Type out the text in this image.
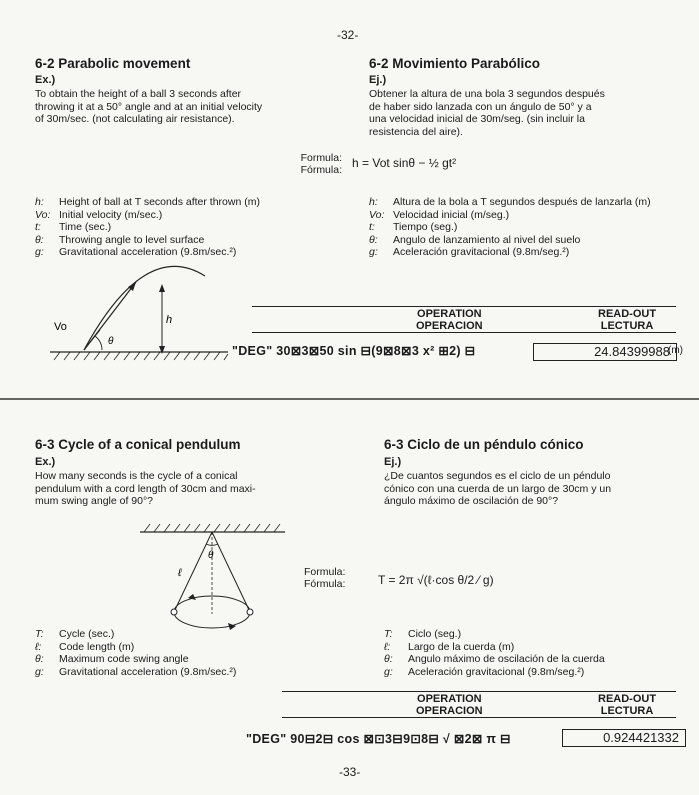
-32-
6-2 Parabolic movement
Ex.)
To obtain the height of a ball 3 seconds after
throwing it at a 50° angle and at an initial velocity
of 30m/sec. (not calculating air resistance).
6-2 Movimiento Parabólico
Ej.)
Obtener la altura de una bola 3 segundos después
de haber sido lanzada con un ángulo de 50° y a
una velocidad inicial de 30m/seg. (sin incluir la
resistencia del aire).
Formula:
Fórmula: h = Vot sinθ − ½ gt²
h: Height of ball at T seconds after thrown (m)
Vo: Initial velocity (m/sec.)
t: Time (sec.)
θ: Throwing angle to level surface
g: Gravitational acceleration (9.8m/sec.²)
h: Altura de la bola a T segundos después de lanzarla (m)
Vo: Velocidad inicial (m/seg.)
t: Tiempo (seg.)
θ: Angulo de lanzamiento al nivel del suelo
g: Aceleración gravitacional (9.8m/seg.²)
Vo
θ
h	OPERATION
OPERACION
READ-OUT
LECTURA
"DEG" 30⊠3⊠50 sin ⊟(9⊠8⊠3 x² ⊞2) ⊟	24.84399988
(m)
6-3 Cycle of a conical pendulum
Ex.)
How many seconds is the cycle of a conical
pendulum with a cord length of 30cm and maxi-
mum swing angle of 90°?
6-3 Ciclo de un péndulo cónico
Ej.)
¿De cuantos segundos es el ciclo de un péndulo
cónico con una cuerda de un largo de 30cm y un
ángulo máximo de oscilación de 90°?
θ
ℓ	Formula:
Fórmula:	T = 2π √(ℓ·cos θ/2 ⁄ g)
T: Cycle (sec.)
ℓ: Code length (m)
θ: Maximum code swing angle
g: Gravitational acceleration (9.8m/sec.²)
T: Ciclo (seg.)
ℓ: Largo de la cuerda (m)
θ: Angulo máximo de oscilación de la cuerda
g: Aceleración gravitacional (9.8m/seg.²)
OPERATION
OPERACION
READ-OUT
LECTURA
"DEG" 90⊟2⊟ cos ⊠⊡3⊟9⊡8⊟ √ ⊠2⊠ π ⊟	0.924421332
-33-
